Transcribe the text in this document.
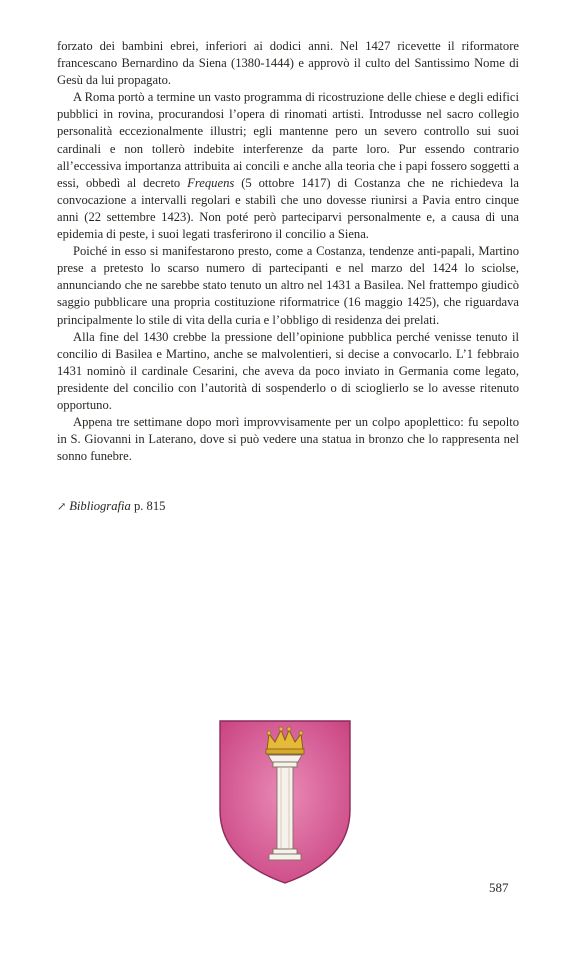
forzato dei bambini ebrei, inferiori ai dodici anni. Nel 1427 ricevette il riformatore francescano Bernardino da Siena (1380-1444) e approvò il culto del Santissimo Nome di Gesù da lui propagato.

A Roma portò a termine un vasto programma di ricostruzione delle chiese e degli edifici pubblici in rovina, procurandosi l’opera di rinomati artisti. Introdusse nel sacro collegio personalità eccezionalmente illustri; egli mantenne pero un severo controllo sui suoi cardinali e non tollerò indebite interferenze da parte loro. Pur essendo contrario all’eccessiva importanza attribuita ai concili e anche alla teoria che i papi fossero soggetti a essi, obbedì al decreto Frequens (5 ottobre 1417) di Costanza che ne richiedeva la convocazione a intervalli regolari e stabilì che uno dovesse riunirsi a Pavia entro cinque anni (22 settembre 1423). Non poté però parteciparvi personalmente e, a causa di una epidemia di peste, i suoi legati trasferirono il concilio a Siena.

Poiché in esso si manifestarono presto, come a Costanza, tendenze anti-papali, Martino prese a pretesto lo scarso numero di partecipanti e nel marzo del 1424 lo sciolse, annunciando che ne sarebbe stato tenuto un altro nel 1431 a Basilea. Nel frattempo giudicò saggio pubblicare una propria costituzione riformatrice (16 maggio 1425), che riguardava principalmente lo stile di vita della curia e l’obbligo di residenza dei prelati.

Alla fine del 1430 crebbe la pressione dell’opinione pubblica perché venisse tenuto il concilio di Basilea e Martino, anche se malvolentieri, si decise a convocarlo. L’1 febbraio 1431 nominò il cardinale Cesarini, che aveva da poco inviato in Germania come legato, presidente del concilio con l’autorità di sospenderlo o di scioglierlo se lo avesse ritenuto opportuno.

Appena tre settimane dopo morì improvvisamente per un colpo apoplettico: fu sepolto in S. Giovanni in Laterano, dove si può vedere una statua in bronzo che lo rappresenta nel sonno funebre.

↗ Bibliografia p. 815
587
